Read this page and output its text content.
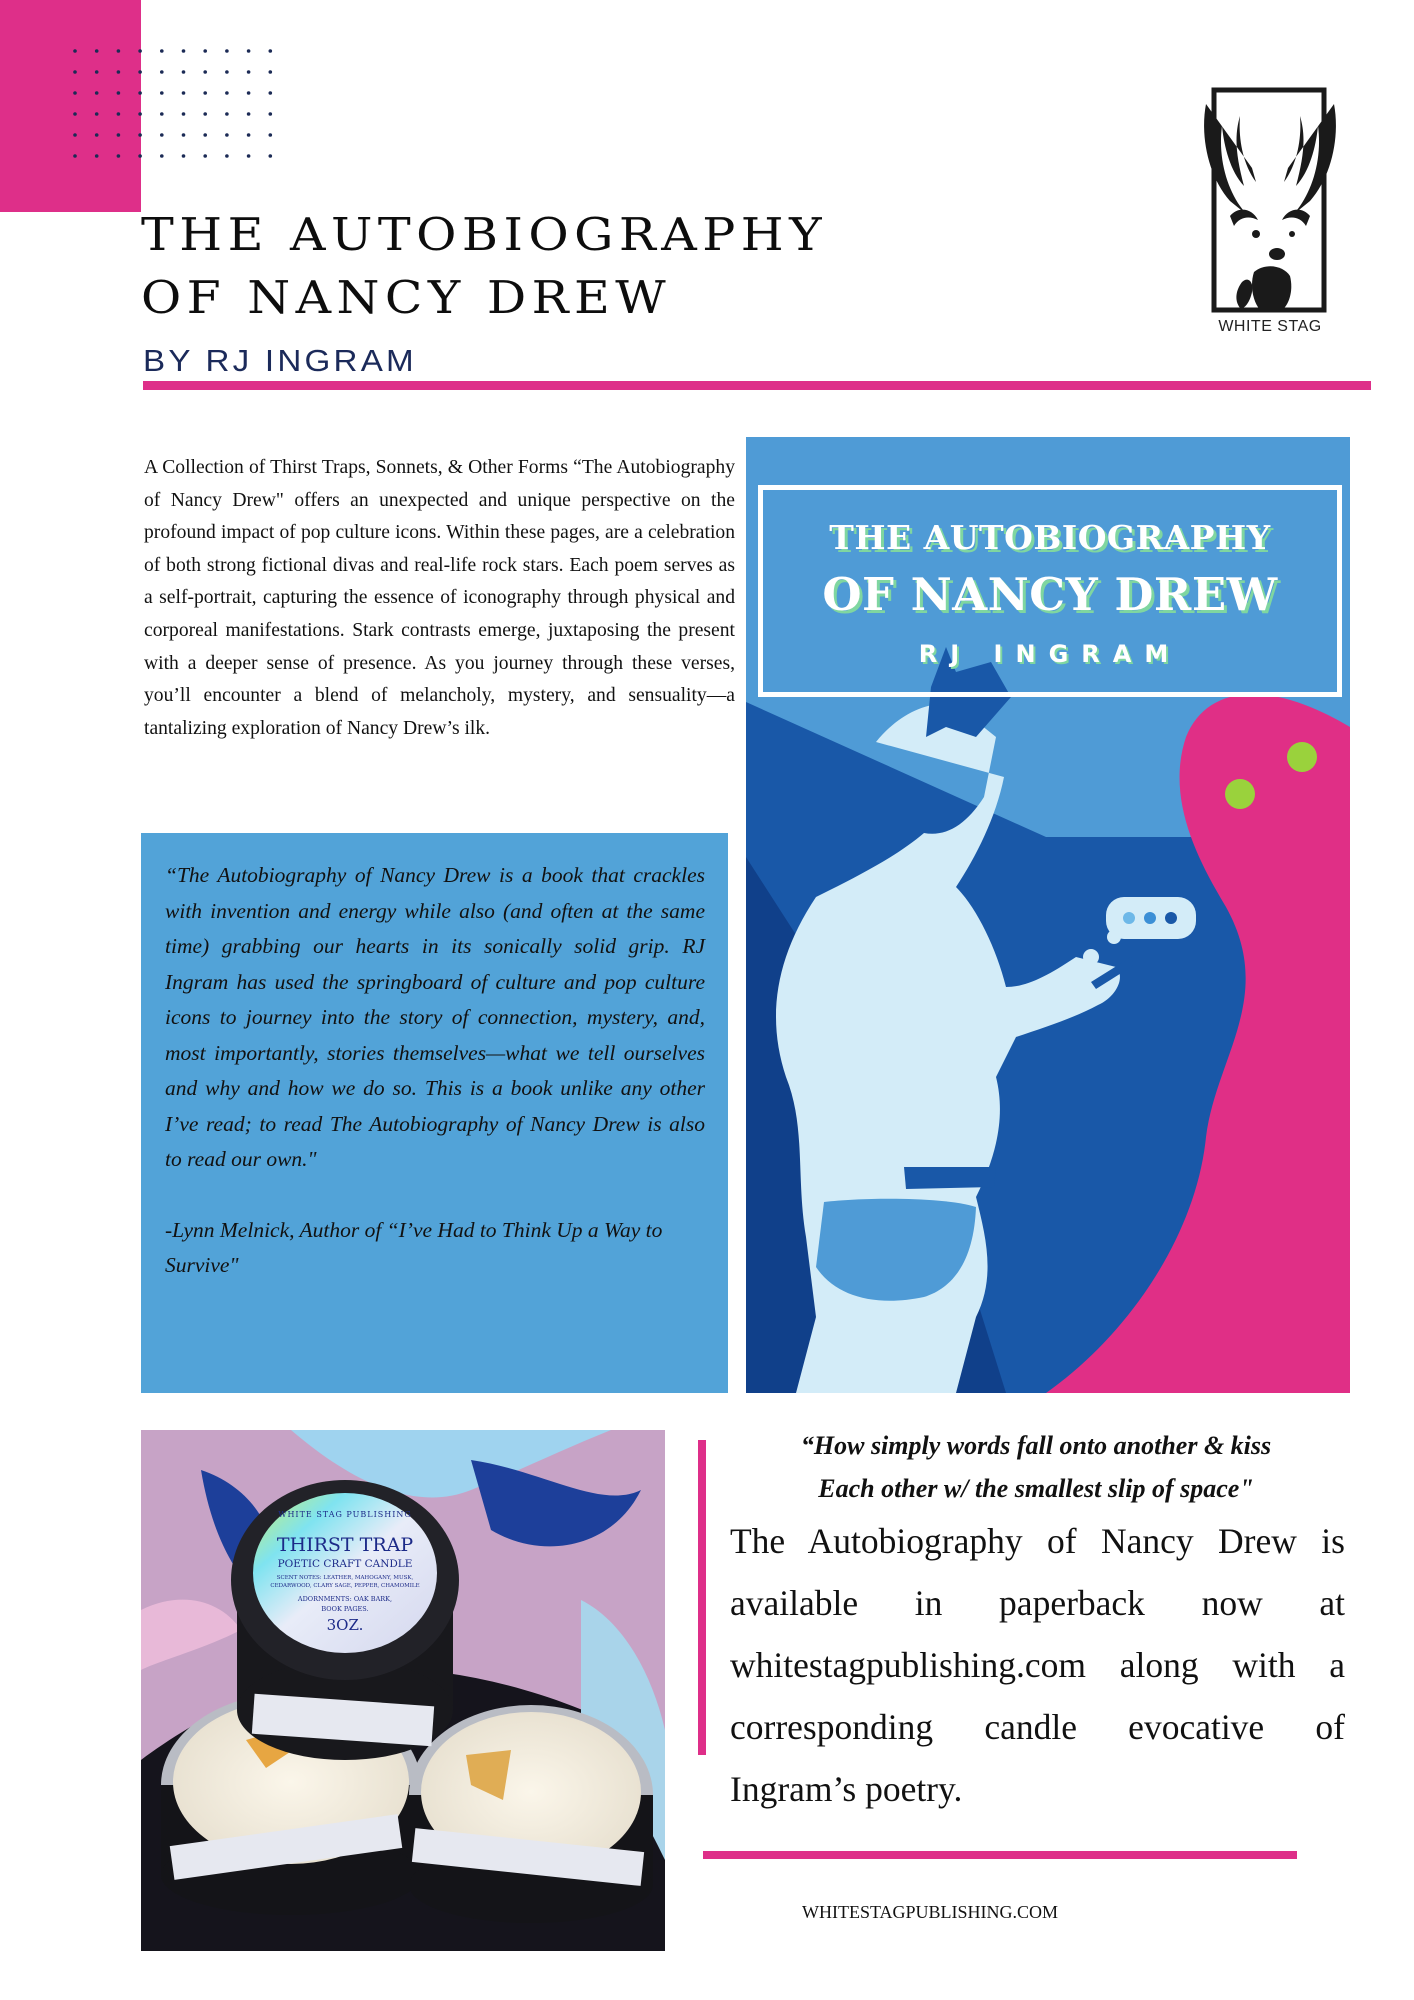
THE AUTOBIOGRAPHY
OF NANCY DREW
BY RJ INGRAM
WHITE STAG
A Collection of Thirst Traps, Sonnets, & Other Forms “The Autobiography of Nancy Drew" offers an unexpected and unique perspective on the profound impact of pop culture icons. Within these pages, are a celebration of both strong fictional divas and real-life rock stars. Each poem serves as a self-portrait, capturing the essence of iconography through physical and corporeal manifestations. Stark contrasts emerge, juxtaposing the present with a deeper sense of presence. As you journey through these verses, you’ll encounter a blend of melancholy, mystery, and sensuality—a tantalizing exploration of Nancy Drew’s ilk.
“The Autobiography of Nancy Drew is a book that crackles with invention and energy while also (and often at the same time) grabbing our hearts in its sonically solid grip. RJ Ingram has used the springboard of culture and pop culture icons to journey into the story of connection, mystery, and, most importantly, stories themselves—what we tell ourselves and why and how we do so. This is a book unlike any other I’ve read; to read The Autobiography of Nancy Drew is also to read our own."
-Lynn Melnick, Author of “I’ve Had to Think Up a Way to Survive"
THE AUTOBIOGRAPHY
OF NANCY DREW
RJ INGRAM
WHITE STAG PUBLISHING
THIRST TRAP
POETIC CRAFT CANDLE
SCENT NOTES: LEATHER, MAHOGANY, MUSK, CEDARWOOD, CLARY SAGE, PEPPER, CHAMOMILE
ADORNMENTS: OAK BARK, BOOK PAGES.
3OZ.
“How simply words fall onto another & kiss
Each other w/ the smallest slip of space"
The Autobiography of Nancy Drew is available in paperback now at whitestagpublishing.com along with a corresponding candle evocative of Ingram’s poetry.
WHITESTAGPUBLISHING.COM
